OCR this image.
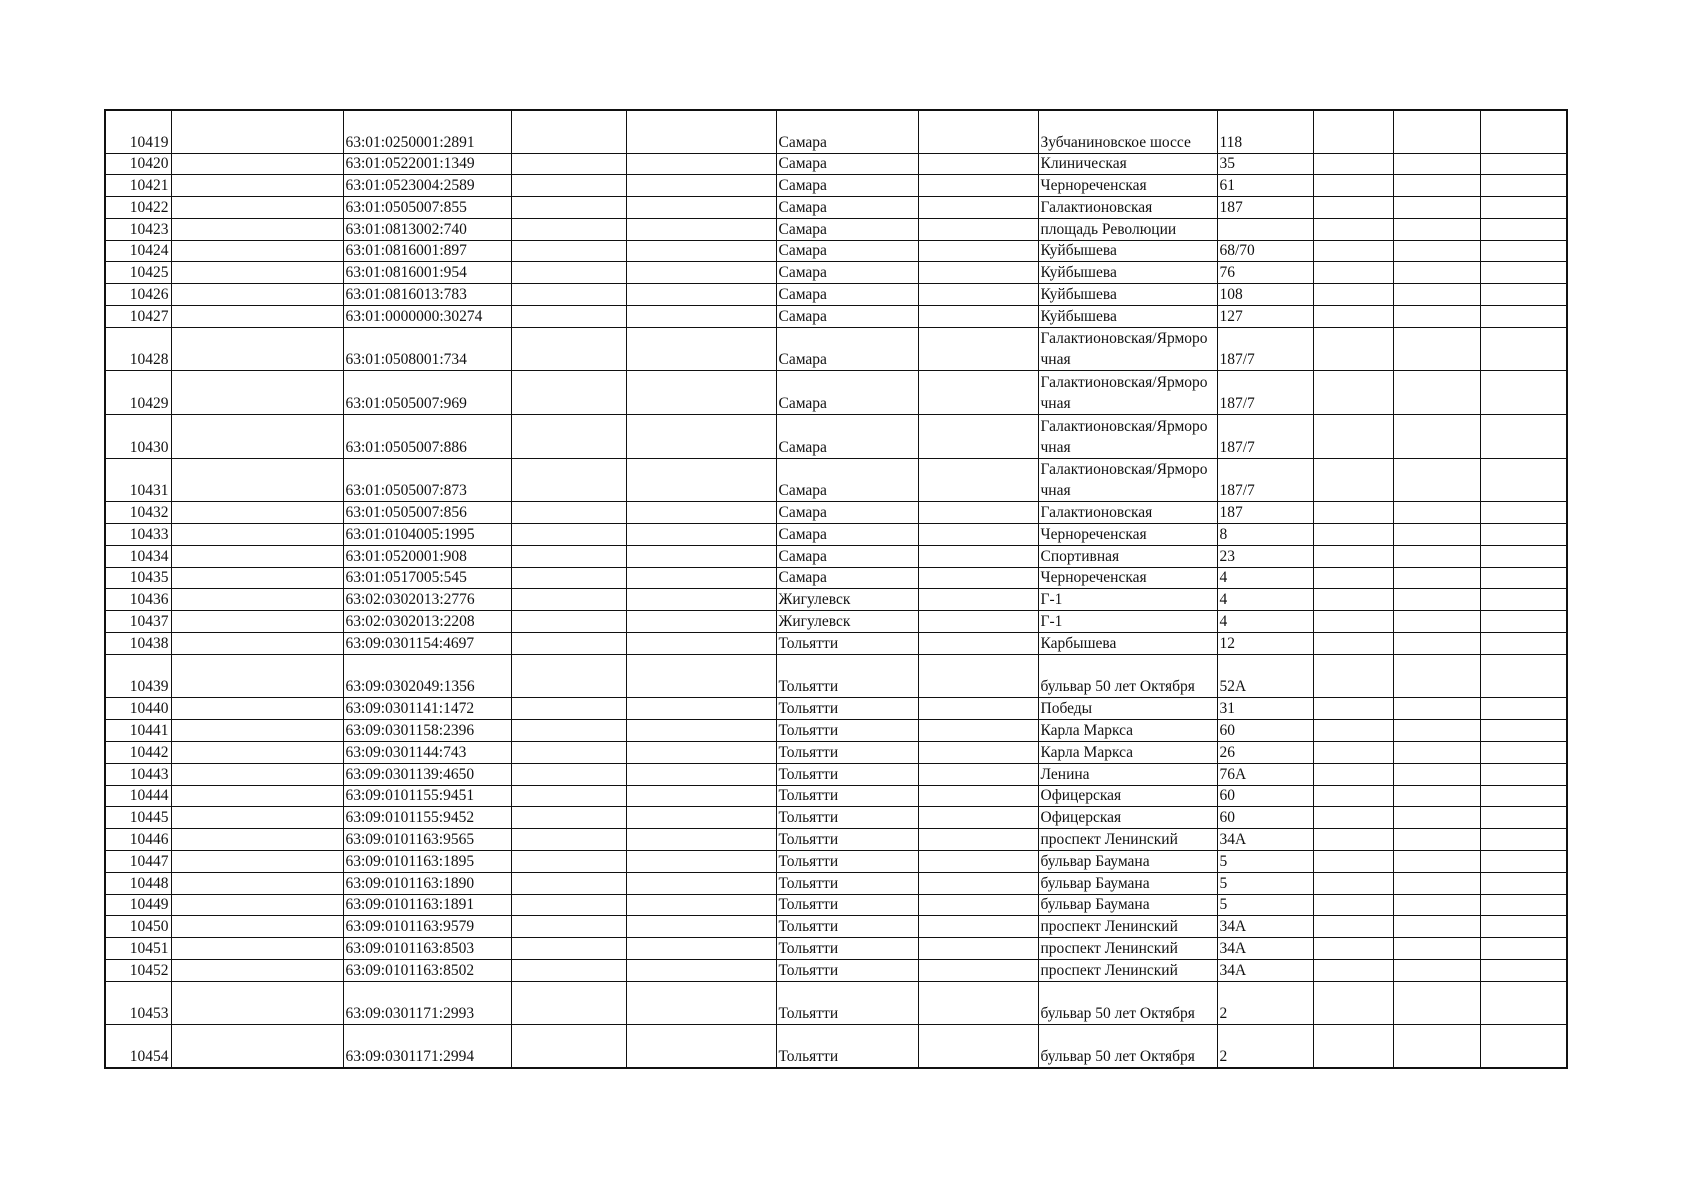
10419		63:01:0250001:2891			Самара		Зубчаниновское шоссе	118			
10420		63:01:0522001:1349			Самара		Клиническая	35			
10421		63:01:0523004:2589			Самара		Чернореченская	61			
10422		63:01:0505007:855			Самара		Галактионовская	187			
10423		63:01:0813002:740			Самара		площадь Революции				
10424		63:01:0816001:897			Самара		Куйбышева	68/70			
10425		63:01:0816001:954			Самара		Куйбышева	76			
10426		63:01:0816013:783			Самара		Куйбышева	108			
10427		63:01:0000000:30274			Самара		Куйбышева	127			
10428		63:01:0508001:734			Самара		Галактионовская/Ярморочная	187/7			
10429		63:01:0505007:969			Самара		Галактионовская/Ярморочная	187/7			
10430		63:01:0505007:886			Самара		Галактионовская/Ярморочная	187/7			
10431		63:01:0505007:873			Самара		Галактионовская/Ярморочная	187/7			
10432		63:01:0505007:856			Самара		Галактионовская	187			
10433		63:01:0104005:1995			Самара		Чернореченская	8			
10434		63:01:0520001:908			Самара		Спортивная	23			
10435		63:01:0517005:545			Самара		Чернореченская	4			
10436		63:02:0302013:2776			Жигулевск		Г-1	4			
10437		63:02:0302013:2208			Жигулевск		Г-1	4			
10438		63:09:0301154:4697			Тольятти		Карбышева	12			
10439		63:09:0302049:1356			Тольятти		бульвар 50 лет Октября	52А			
10440		63:09:0301141:1472			Тольятти		Победы	31			
10441		63:09:0301158:2396			Тольятти		Карла Маркса	60			
10442		63:09:0301144:743			Тольятти		Карла Маркса	26			
10443		63:09:0301139:4650			Тольятти		Ленина	76А			
10444		63:09:0101155:9451			Тольятти		Офицерская	60			
10445		63:09:0101155:9452			Тольятти		Офицерская	60			
10446		63:09:0101163:9565			Тольятти		проспект Ленинский	34А			
10447		63:09:0101163:1895			Тольятти		бульвар Баумана	5			
10448		63:09:0101163:1890			Тольятти		бульвар Баумана	5			
10449		63:09:0101163:1891			Тольятти		бульвар Баумана	5			
10450		63:09:0101163:9579			Тольятти		проспект Ленинский	34А			
10451		63:09:0101163:8503			Тольятти		проспект Ленинский	34А			
10452		63:09:0101163:8502			Тольятти		проспект Ленинский	34А			
10453		63:09:0301171:2993			Тольятти		бульвар 50 лет Октября	2			
10454		63:09:0301171:2994			Тольятти		бульвар 50 лет Октября	2			
